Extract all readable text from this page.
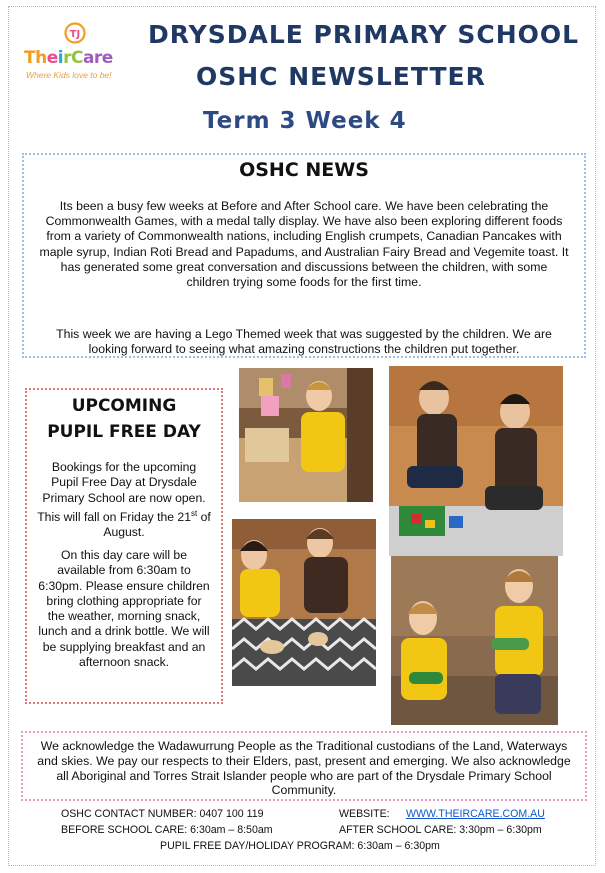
TJ
TheirCare
Where Kids love to be!
DRYSDALE PRIMARY SCHOOL
OSHC NEWSLETTER
Term 3 Week 4
OSHC NEWS

Its been a busy few weeks at Before and After School care. We have been celebrating the Commonwealth Games, with a medal tally display. We have also been exploring different foods from a variety of Commonwealth nations, including English crumpets, Canadian Pancakes with maple syrup, Indian Roti Bread and Papadums, and Australian Fairy Bread and Vegemite toast. It has generated some great conversation and discussions between the children, with some children trying some foods for the first time.

This week we are having a Lego Themed week that was suggested by the children. We are looking forward to seeing what amazing constructions the children put together.

UPCOMING
PUPIL FREE DAY

Bookings for the upcoming Pupil Free Day at Drysdale Primary School are now open. This will fall on Friday the 21st of August.

On this day care will be available from 6:30am to 6:30pm. Please ensure children bring clothing appropriate for the weather, morning snack, lunch and a drink bottle. We will be supplying breakfast and an afternoon snack.

We acknowledge the Wadawurrung People as the Traditional custodians of the Land, Waterways and skies. We pay our respects to their Elders, past, present and emerging. We also acknowledge all Aboriginal and Torres Strait Islander people who are part of the Drysdale Primary School Community.

OSHC CONTACT NUMBER: 0407 100 119	WEBSITE: WWW.THEIRCARE.COM.AU
BEFORE SCHOOL CARE: 6:30am – 8:50am	AFTER SCHOOL CARE: 3:30pm – 6:30pm
PUPIL FREE DAY/HOLIDAY PROGRAM: 6:30am – 6:30pm
